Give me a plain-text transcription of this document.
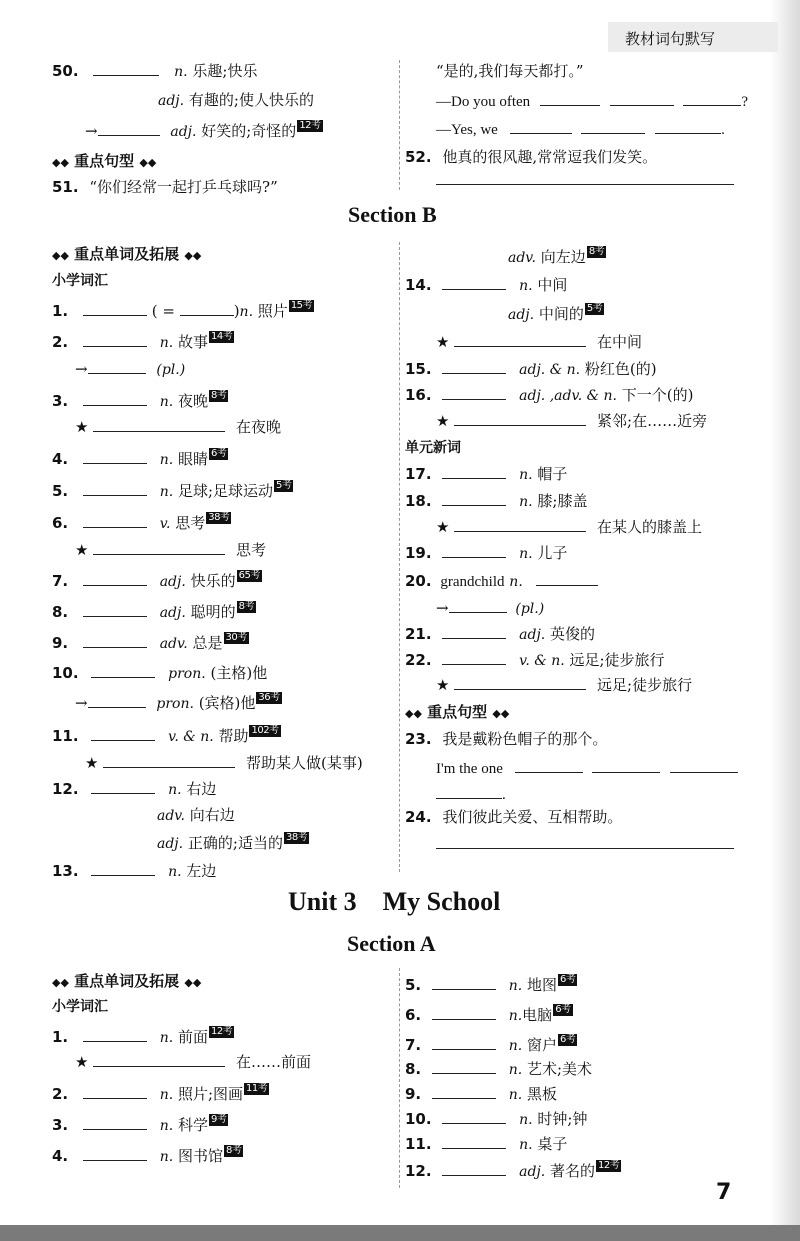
教材词句默写
7
50.	n. 乐趣;快乐
adj. 有趣的;使人快乐的
→	adj. 好笑的;奇怪的 12考
◆◆ 重点句型 ◆◆
51. “你们经常一起打乒乓球吗?”
“是的,我们每天都打。”
—Do you often	?
—Yes, we	.
52. 他真的很风趣,常常逗我们发笑。
Section B
◆◆ 重点单词及拓展 ◆◆
小学词汇
1.	( =	)n. 照片 15考
2.	n. 故事 14考
→	(pl.)
3.	n. 夜晚 8考
★	在夜晚
4.	n. 眼睛 6考
5.	n. 足球;足球运动 5考
6.	v. 思考 38考
★	思考
7.	adj. 快乐的 65考
8.	adj. 聪明的 8考
9.	adv. 总是 30考
10.	pron. (主格)他
→	pron. (宾格)他 36考
11.	v. & n. 帮助 102考
★	帮助某人做(某事)
12.	n. 右边
adv. 向右边
adj. 正确的;适当的 38考
13.	n. 左边
adv. 向左边 8考
14.	n. 中间
adj. 中间的 5考
★	在中间
15.	adj. & n. 粉红色(的)
16.	adj. ,adv. & n. 下一个(的)
★	紧邻;在……近旁
单元新词
17.	n. 帽子
18.	n. 膝;膝盖
★	在某人的膝盖上
19.	n. 儿子
20. grandchild n.
→	(pl.)
21.	adj. 英俊的
22.	v. & n. 远足;徒步旅行
★	远足;徒步旅行
◆◆ 重点句型 ◆◆
23. 我是戴粉色帽子的那个。
I'm the one
.
24. 我们彼此关爱、互相帮助。
Unit 3    My School
Section A
◆◆ 重点单词及拓展 ◆◆
小学词汇
1.	n. 前面 12考
★	在……前面
2.	n. 照片;图画 11考
3.	n. 科学 9考
4.	n. 图书馆 8考
5.	n. 地图 6考
6.	n.电脑 6考
7.	n. 窗户 6考
8.	n. 艺术;美术
9.	n. 黑板
10.	n. 时钟;钟
11.	n. 桌子
12.	adj. 著名的 12考
